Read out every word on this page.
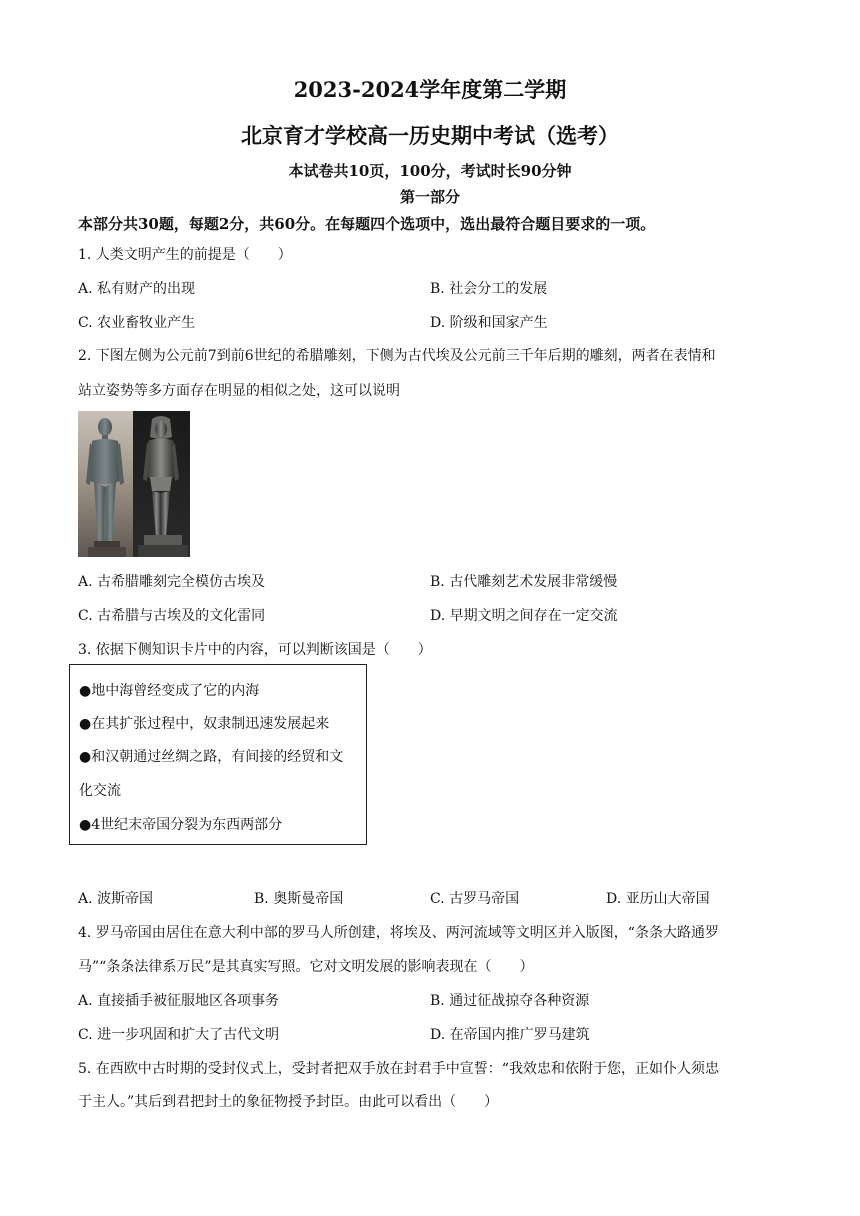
2023-2024学年度第二学期
北京育才学校高一历史期中考试（选考）
本试卷共10页，100分，考试时长90分钟
第一部分
本部分共30题，每题2分，共60分。在每题四个选项中，选出最符合题目要求的一项。
1. 人类文明产生的前提是（　　）
A. 私有财产的出现	B. 社会分工的发展
C. 农业畜牧业产生	D. 阶级和国家产生
2. 下图左侧为公元前7到前6世纪的希腊雕刻，下侧为古代埃及公元前三千年后期的雕刻，两者在表情和
站立姿势等多方面存在明显的相似之处，这可以说明
A. 古希腊雕刻完全模仿古埃及	B. 古代雕刻艺术发展非常缓慢
C. 古希腊与古埃及的文化雷同	D. 早期文明之间存在一定交流
3. 依据下侧知识卡片中的内容，可以判断该国是（　　）
●地中海曾经变成了它的内海
●在其扩张过程中，奴隶制迅速发展起来
●和汉朝通过丝绸之路，有间接的经贸和文
化交流
●4世纪末帝国分裂为东西两部分
A. 波斯帝国	B. 奥斯曼帝国	C. 古罗马帝国	D. 亚历山大帝国
4. 罗马帝国由居住在意大利中部的罗马人所创建，将埃及、两河流域等文明区并入版图，“条条大路通罗
马”“条条法律系万民”是其真实写照。它对文明发展的影响表现在（　　）
A. 直接插手被征服地区各项事务	B. 通过征战掠夺各种资源
C. 进一步巩固和扩大了古代文明	D. 在帝国内推广罗马建筑
5. 在西欧中古时期的受封仪式上，受封者把双手放在封君手中宣誓：“我效忠和依附于您，正如仆人须忠
于主人。”其后到君把封土的象征物授予封臣。由此可以看出（　　）
